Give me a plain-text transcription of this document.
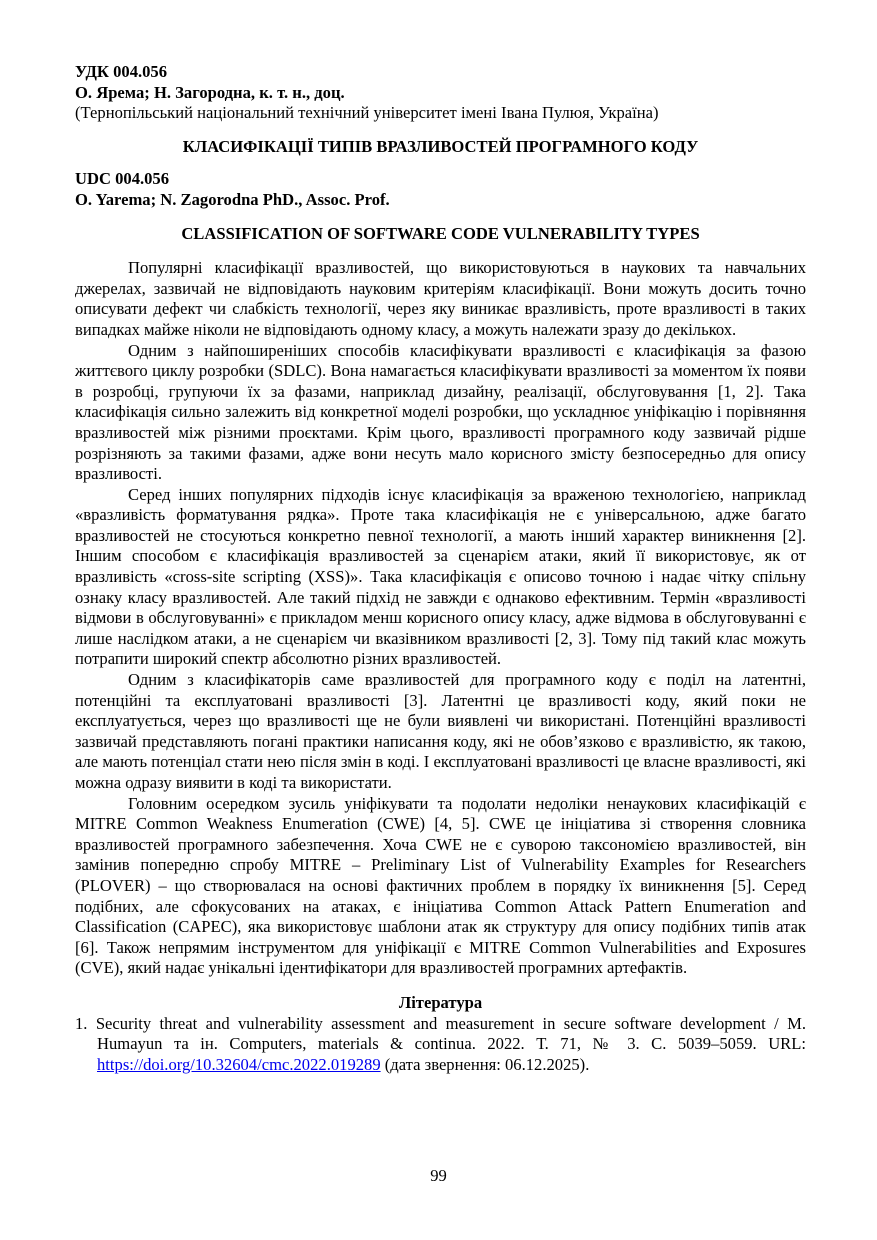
УДК 004.056

О. Ярема; Н. Загородна, к. т. н., доц.

(Тернопільський національний технічний університет імені Івана Пулюя, Україна)

КЛАСИФІКАЦІЇ ТИПІВ ВРАЗЛИВОСТЕЙ ПРОГРАМНОГО КОДУ

UDC 004.056

O. Yarema; N. Zagorodna PhD., Assoc. Prof.

CLASSIFICATION OF SOFTWARE CODE VULNERABILITY TYPES

Популярні класифікації вразливостей, що використовуються в наукових та навчальних джерелах, зазвичай не відповідають науковим критеріям класифікації. Вони можуть досить точно описувати дефект чи слабкість технології, через яку виникає вразливість, проте вразливості в таких випадках майже ніколи не відповідають одному класу, а можуть належати зразу до декількох.

Одним з найпоширеніших способів класифікувати вразливості є класифікація за фазою життєвого циклу розробки (SDLC). Вона намагається класифікувати вразливості за моментом їх появи в розробці, групуючи їх за фазами, наприклад дизайну, реалізації, обслуговування [1, 2]. Така класифікація сильно залежить від конкретної моделі розробки, що ускладнює уніфікацію і порівняння вразливостей між різними проєктами. Крім цього, вразливості програмного коду зазвичай рідше розрізняють за такими фазами, адже вони несуть мало корисного змісту безпосередньо для опису вразливості.

Серед інших популярних підходів існує класифікація за враженою технологією, наприклад «вразливість форматування рядка». Проте така класифікація не є універсальною, адже багато вразливостей не стосуються конкретно певної технології, а мають інший характер виникнення [2]. Іншим способом є класифікація вразливостей за сценарієм атаки, який її використовує, як от вразливість «cross-site scripting (XSS)». Така класифікація є описово точною і надає чітку спільну ознаку класу вразливостей. Але такий підхід не завжди є однаково ефективним. Термін «вразливості відмови в обслуговуванні» є прикладом менш корисного опису класу, адже відмова в обслуговуванні є лише наслідком атаки, а не сценарієм чи вказівником вразливості [2, 3]. Тому під такий клас можуть потрапити широкий спектр абсолютно різних вразливостей.

Одним з класифікаторів саме вразливостей для програмного коду є поділ на латентні, потенційні та експлуатовані вразливості [3]. Латентні це вразливості коду, який поки не експлуатується, через що вразливості ще не були виявлені чи використані. Потенційні вразливості зазвичай представляють погані практики написання коду, які не обов’язково є вразливістю, як такою, але мають потенціал стати нею після змін в коді. І експлуатовані вразливості це власне вразливості, які можна одразу виявити в коді та використати.

Головним осередком зусиль уніфікувати та подолати недоліки ненаукових класифікацій є MITRE Common Weakness Enumeration (CWE) [4, 5]. CWE це ініціатива зі створення словника вразливостей програмного забезпечення. Хоча CWE не є суворою таксономією вразливостей, він замінив попередню спробу MITRE – Preliminary List of Vulnerability Examples for Researchers (PLOVER) – що створювалася на основі фактичних проблем в порядку їх виникнення [5]. Серед подібних, але сфокусованих на атаках, є ініціатива Common Attack Pattern Enumeration and Classification (CAPEC), яка використовує шаблони атак як структуру для опису подібних типів атак [6]. Також непрямим інструментом для уніфікації є MITRE Common Vulnerabilities and Exposures (CVE), який надає унікальні ідентифікатори для вразливостей програмних артефактів.

Література

1. Security threat and vulnerability assessment and measurement in secure software development / M. Humayun та ін. Computers, materials & continua. 2022. Т. 71, № 3. С. 5039–5059. URL: https://doi.org/10.32604/cmc.2022.019289 (дата звернення: 06.12.2025).

99
